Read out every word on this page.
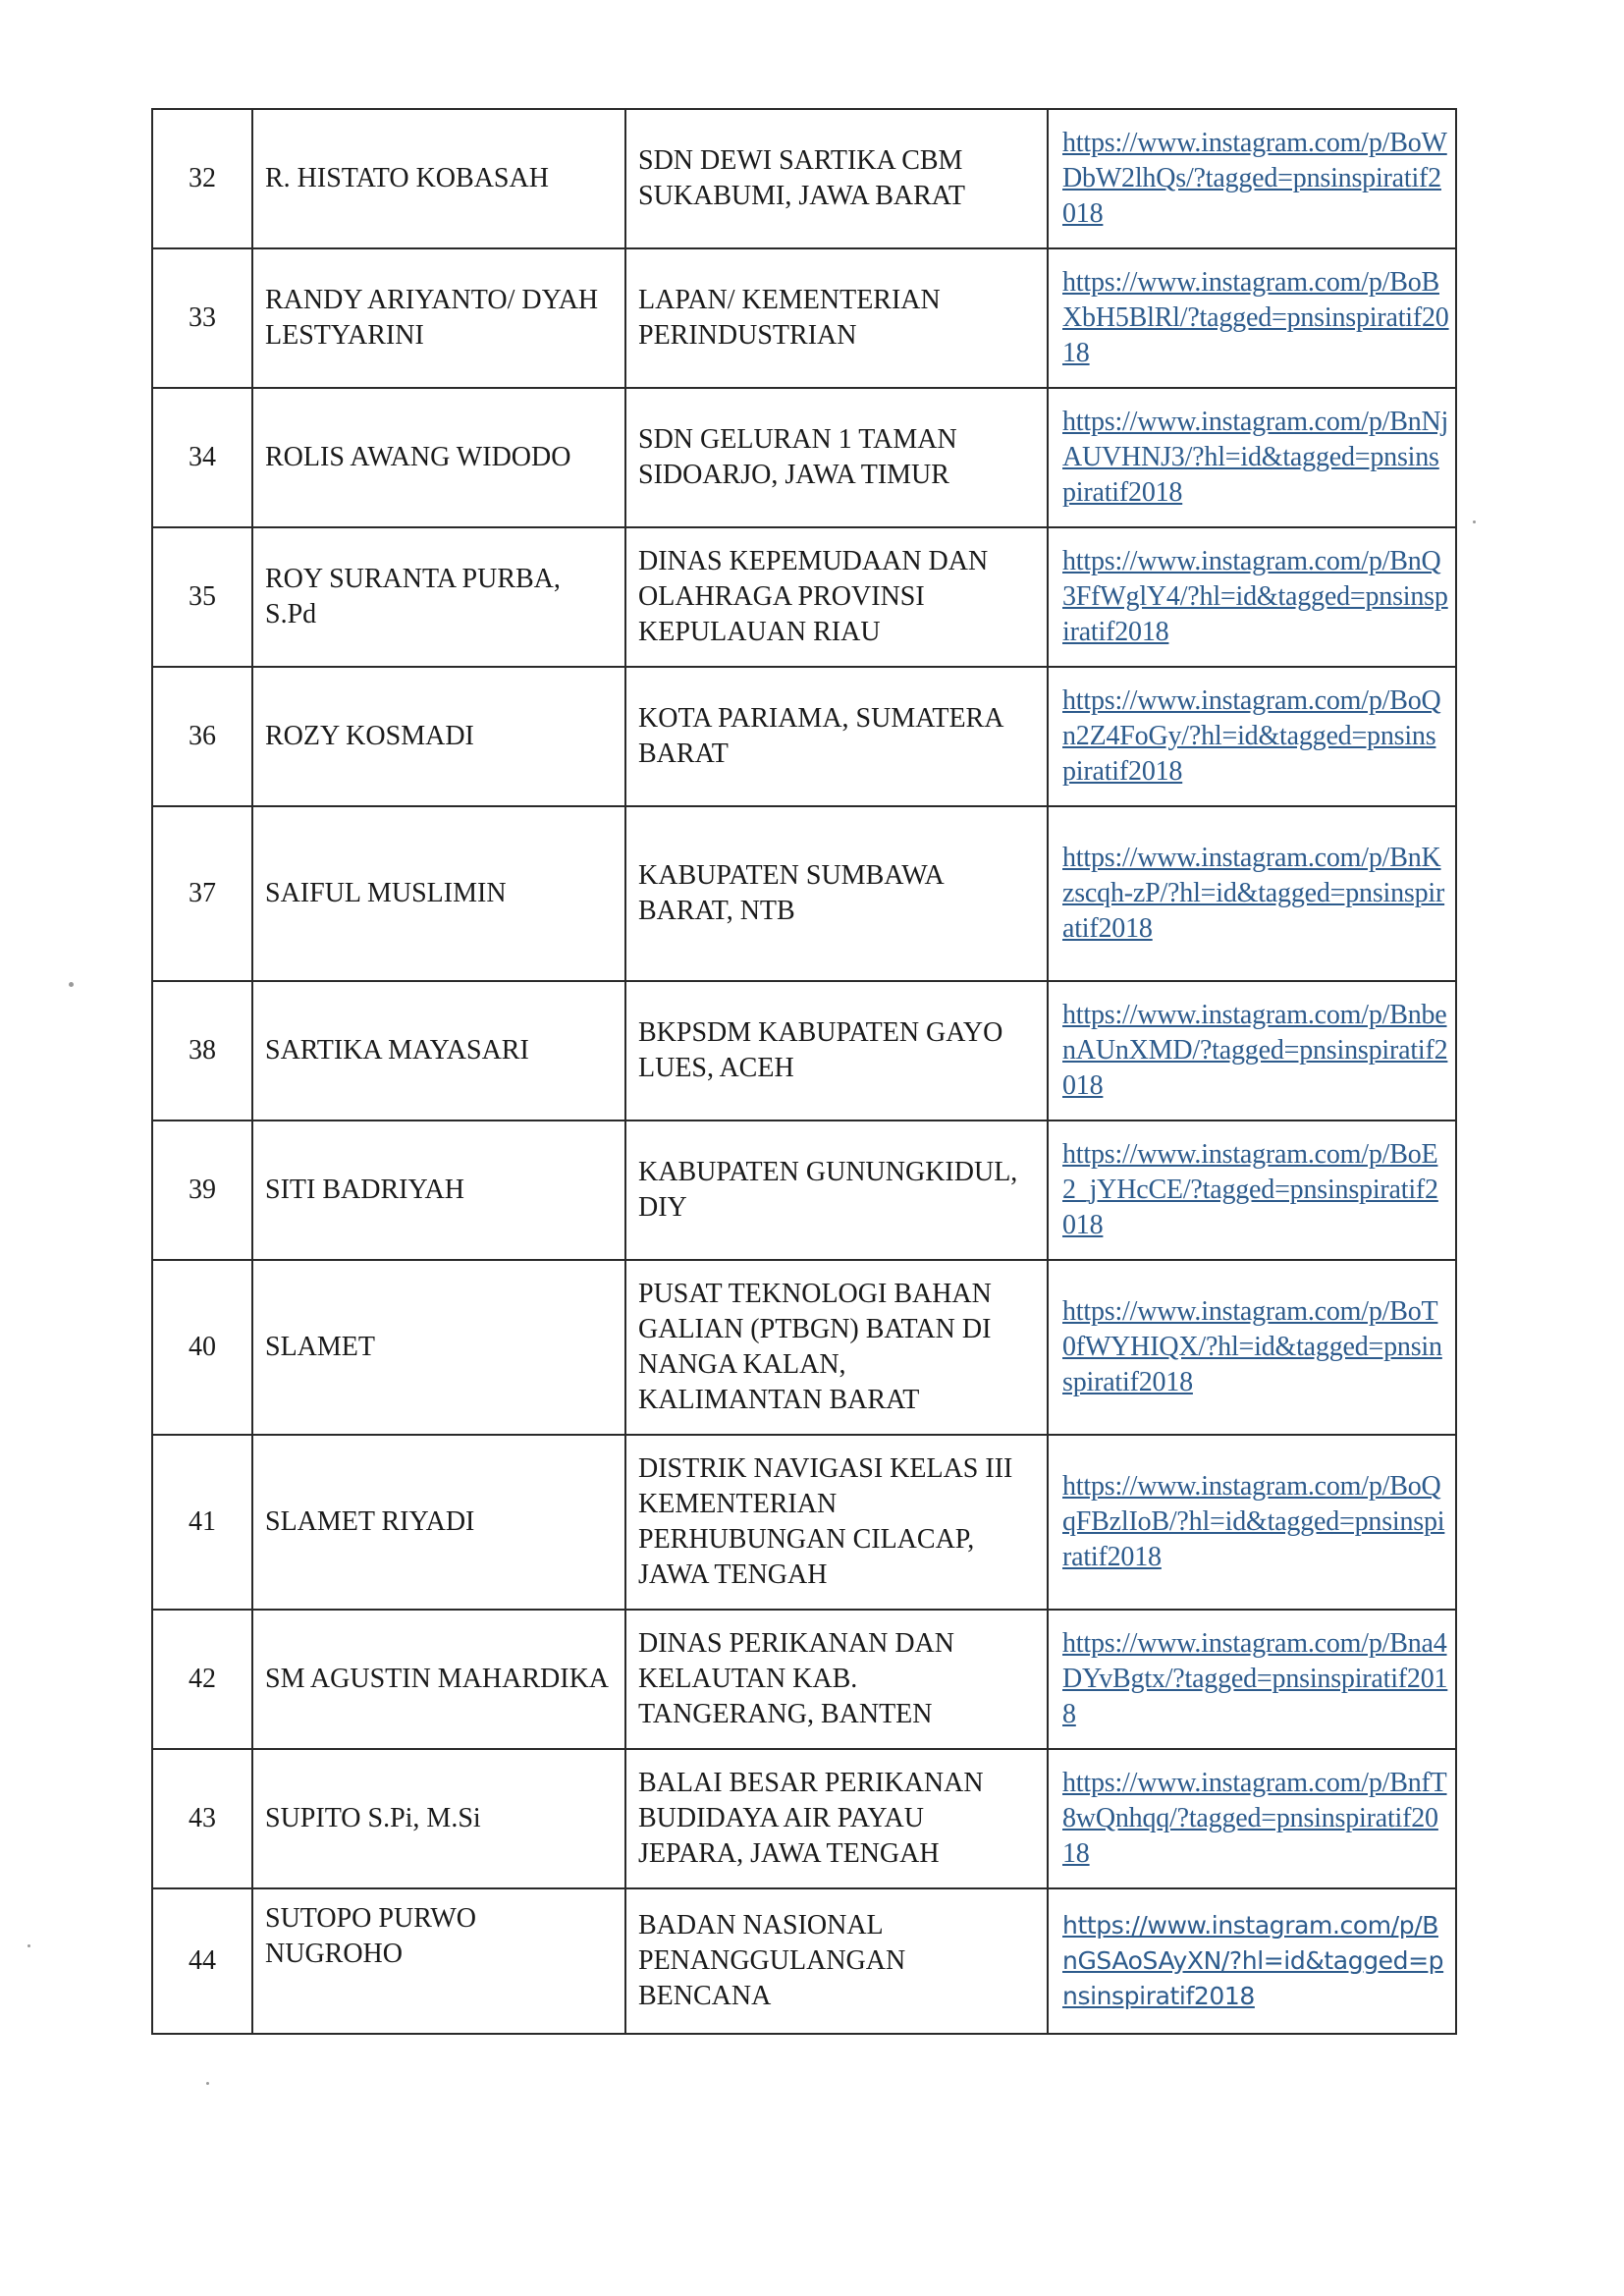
32	R. HISTATO KOBASAH	SDN DEWI SARTIKA CBM SUKABUMI, JAWA BARAT	https://www.instagram.com/p/BoWDbW2lhQs/?tagged=pnsinspiratif2018

33	RANDY ARIYANTO/ DYAH LESTYARINI	LAPAN/ KEMENTERIAN PERINDUSTRIAN	https://www.instagram.com/p/BoBXbH5BlRl/?tagged=pnsinspiratif2018

34	ROLIS AWANG WIDODO	SDN GELURAN 1 TAMAN SIDOARJO, JAWA TIMUR	https://www.instagram.com/p/BnNjAUVHNJ3/?hl=id&tagged=pnsinspiratif2018

35	ROY SURANTA PURBA, S.Pd	DINAS KEPEMUDAAN DAN OLAHRAGA PROVINSI KEPULAUAN RIAU	https://www.instagram.com/p/BnQ3FfWglY4/?hl=id&tagged=pnsinspiratif2018

36	ROZY KOSMADI	KOTA PARIAMA, SUMATERA BARAT	https://www.instagram.com/p/BoQn2Z4FoGy/?hl=id&tagged=pnsinspiratif2018

37	SAIFUL MUSLIMIN	KABUPATEN SUMBAWA BARAT, NTB	https://www.instagram.com/p/BnKzscqh-zP/?hl=id&tagged=pnsinspiratif2018

38	SARTIKA MAYASARI	BKPSDM KABUPATEN GAYO LUES, ACEH	https://www.instagram.com/p/BnbenAUnXMD/?tagged=pnsinspiratif2018

39	SITI BADRIYAH	KABUPATEN GUNUNGKIDUL, DIY	https://www.instagram.com/p/BoE2_jYHcCE/?tagged=pnsinspiratif2018

40	SLAMET	PUSAT TEKNOLOGI BAHAN GALIAN (PTBGN) BATAN DI NANGA KALAN, KALIMANTAN BARAT	https://www.instagram.com/p/BoT0fWYHIQX/?hl=id&tagged=pnsinspiratif2018

41	SLAMET RIYADI	DISTRIK NAVIGASI KELAS III KEMENTERIAN PERHUBUNGAN CILACAP, JAWA TENGAH	https://www.instagram.com/p/BoQqFBzlIoB/?hl=id&tagged=pnsinspiratif2018

42	SM AGUSTIN MAHARDIKA	DINAS PERIKANAN DAN KELAUTAN KAB. TANGERANG, BANTEN	https://www.instagram.com/p/Bna4DYvBgtx/?tagged=pnsinspiratif2018

43	SUPITO S.Pi, M.Si	BALAI BESAR PERIKANAN BUDIDAYA AIR PAYAU JEPARA, JAWA TENGAH	https://www.instagram.com/p/BnfT8wQnhqq/?tagged=pnsinspiratif2018

44	SUTOPO PURWO NUGROHO	BADAN NASIONAL PENANGGULANGAN BENCANA	https://www.instagram.com/p/BnGSAoSAyXN/?hl=id&tagged=pnsinspiratif2018
